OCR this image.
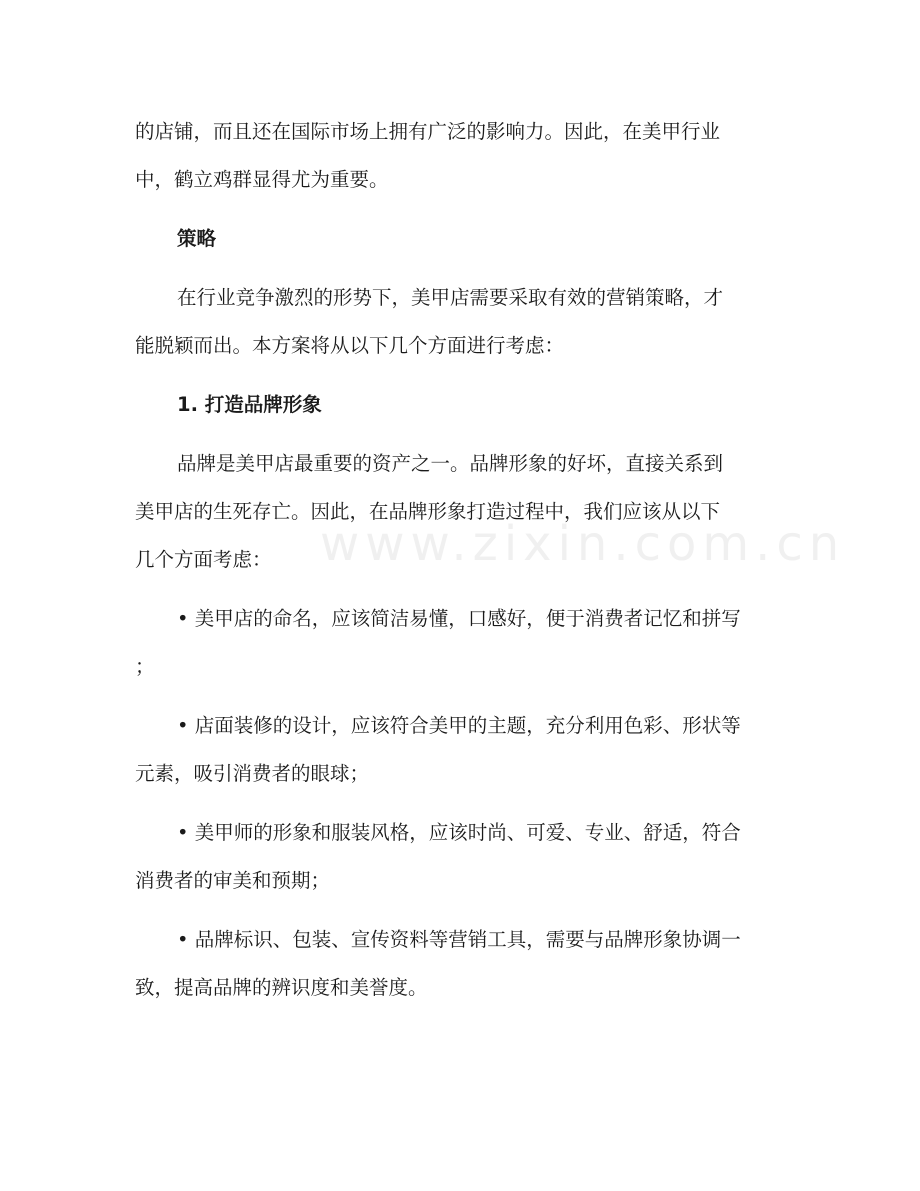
www.zixin.com.cn

的店铺，而且还在国际市场上拥有广泛的影响力。因此，在美甲行业
中，鹤立鸡群显得尤为重要。

策略

在行业竞争激烈的形势下，美甲店需要采取有效的营销策略，才
能脱颖而出。本方案将从以下几个方面进行考虑：

1. 打造品牌形象

品牌是美甲店最重要的资产之一。品牌形象的好坏，直接关系到
美甲店的生死存亡。因此，在品牌形象打造过程中，我们应该从以下
几个方面考虑：

• 美甲店的命名，应该简洁易懂，口感好，便于消费者记忆和拼写
；
• 店面装修的设计，应该符合美甲的主题，充分利用色彩、形状等
元素，吸引消费者的眼球；
• 美甲师的形象和服装风格，应该时尚、可爱、专业、舒适，符合
消费者的审美和预期；
• 品牌标识、包装、宣传资料等营销工具，需要与品牌形象协调一
致，提高品牌的辨识度和美誉度。
